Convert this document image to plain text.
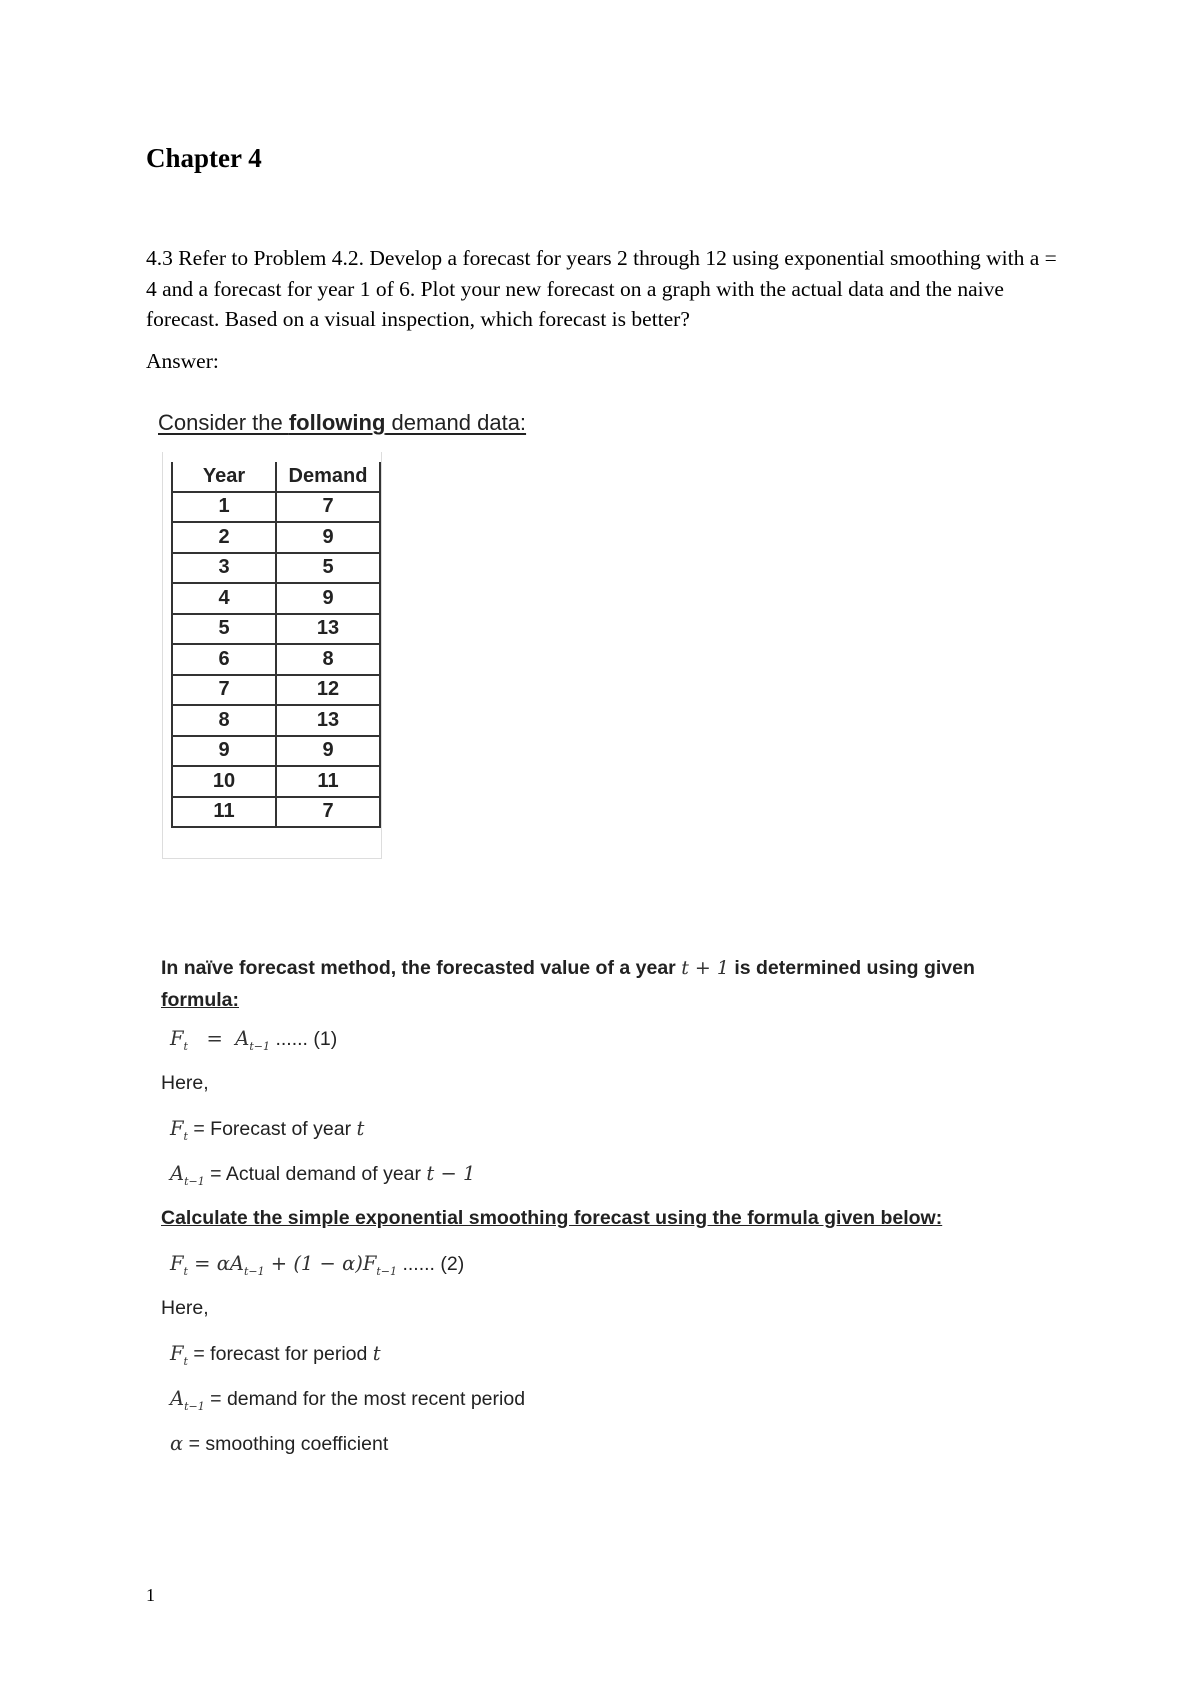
Chapter 4
4.3 Refer to Problem 4.2. Develop a forecast for years 2 through 12 using exponential smoothing with a = 4 and a forecast for year 1 of 6. Plot your new forecast on a graph with the actual data and the naive forecast. Based on a visual inspection, which forecast is better?
Answer:
Consider the following demand data:
Year	Demand
1	7
2	9
3	5
4	9
5	13
6	8
7	12
8	13
9	9
10	11
11	7
In naïve forecast method, the forecasted value of a year t + 1 is determined using given
formula:
$F_t = A_{t-1}$ ...... (1)
Here,
$F_t$ = Forecast of year t
$A_{t-1}$ = Actual demand of year t − 1
Calculate the simple exponential smoothing forecast using the formula given below:
$F_t = \alpha A_{t-1} + (1 - \alpha)F_{t-1}$ ...... (2)
Here,
$F_t$ = forecast for period t
$A_{t-1}$ = demand for the most recent period
α = smoothing coefficient
1
